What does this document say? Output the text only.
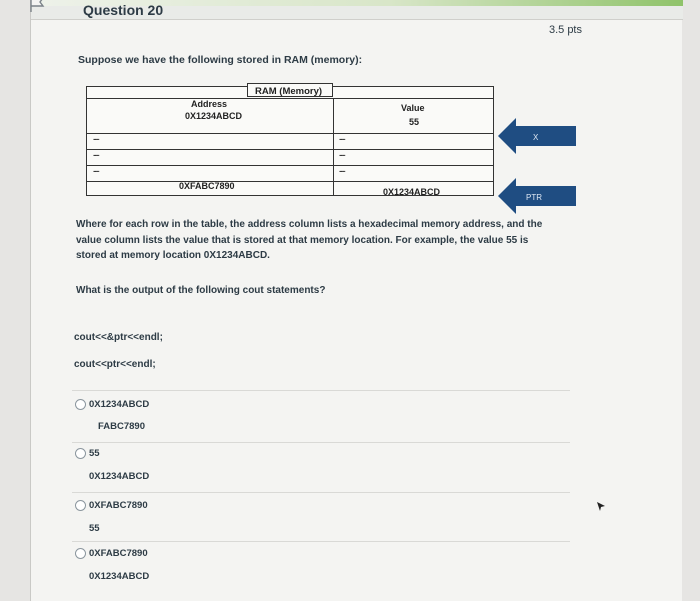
Question 20
3.5 pts
Suppose we have the following stored in RAM (memory):
RAM (Memory)
Address
0X1234ABCD
Value
55
......
......
......
......
......
......
0XFABC7890
0X1234ABCD
X
PTR
Where for each row in the table, the address column lists a hexadecimal memory address, and the
value column lists the value that is stored at that memory location. For example, the value 55 is
stored at memory location 0X1234ABCD.
What is the output of the following cout statements?
cout<<&ptr<<endl;
cout<<ptr<<endl;
0X1234ABCD
FABC7890
55
0X1234ABCD
0XFABC7890
55
0XFABC7890
0X1234ABCD
